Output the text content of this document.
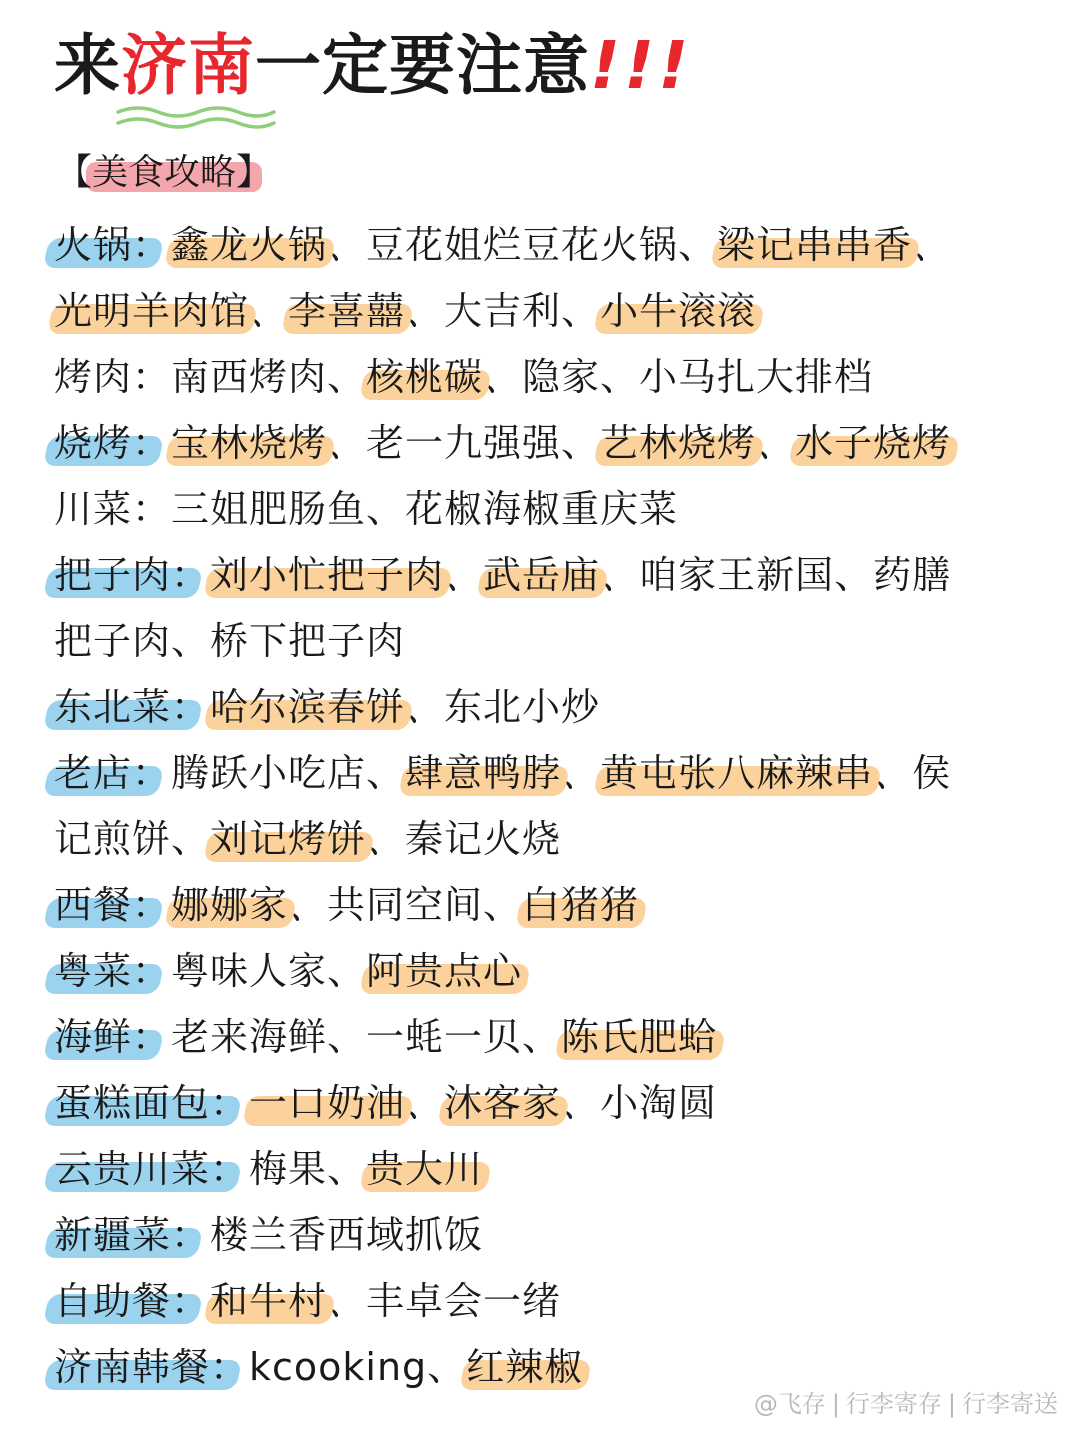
来济南一定要注意!!!
【美食攻略】
火锅：鑫龙火锅、豆花姐烂豆花火锅、梁记串串香、
光明羊肉馆、李喜囍、大吉利、小牛滚滚
烤肉：南西烤肉、核桃碳、隐家、小马扎大排档
烧烤：宝林烧烤、老一九强强、艺林烧烤、水子烧烤
川菜：三姐肥肠鱼、花椒海椒重庆菜
把子肉：刘小忙把子肉、武岳庙、咱家王新国、药膳
把子肉、桥下把子肉
东北菜：哈尔滨春饼、东北小炒
老店：腾跃小吃店、肆意鸭脖、黄屯张八麻辣串、侯
记煎饼、刘记烤饼、秦记火烧
西餐：娜娜家、共同空间、白猪猪
粤菜：粤味人家、阿贵点心
海鲜：老来海鲜、一蚝一贝、陈氏肥蛤
蛋糕面包：一口奶油、沐客家、小淘圆
云贵川菜：梅果、贵大川
新疆菜：楼兰香西域抓饭
自助餐：和牛村、丰卓会一绪
济南韩餐：kcooking、红辣椒
@飞存 | 行李寄存 | 行李寄送
